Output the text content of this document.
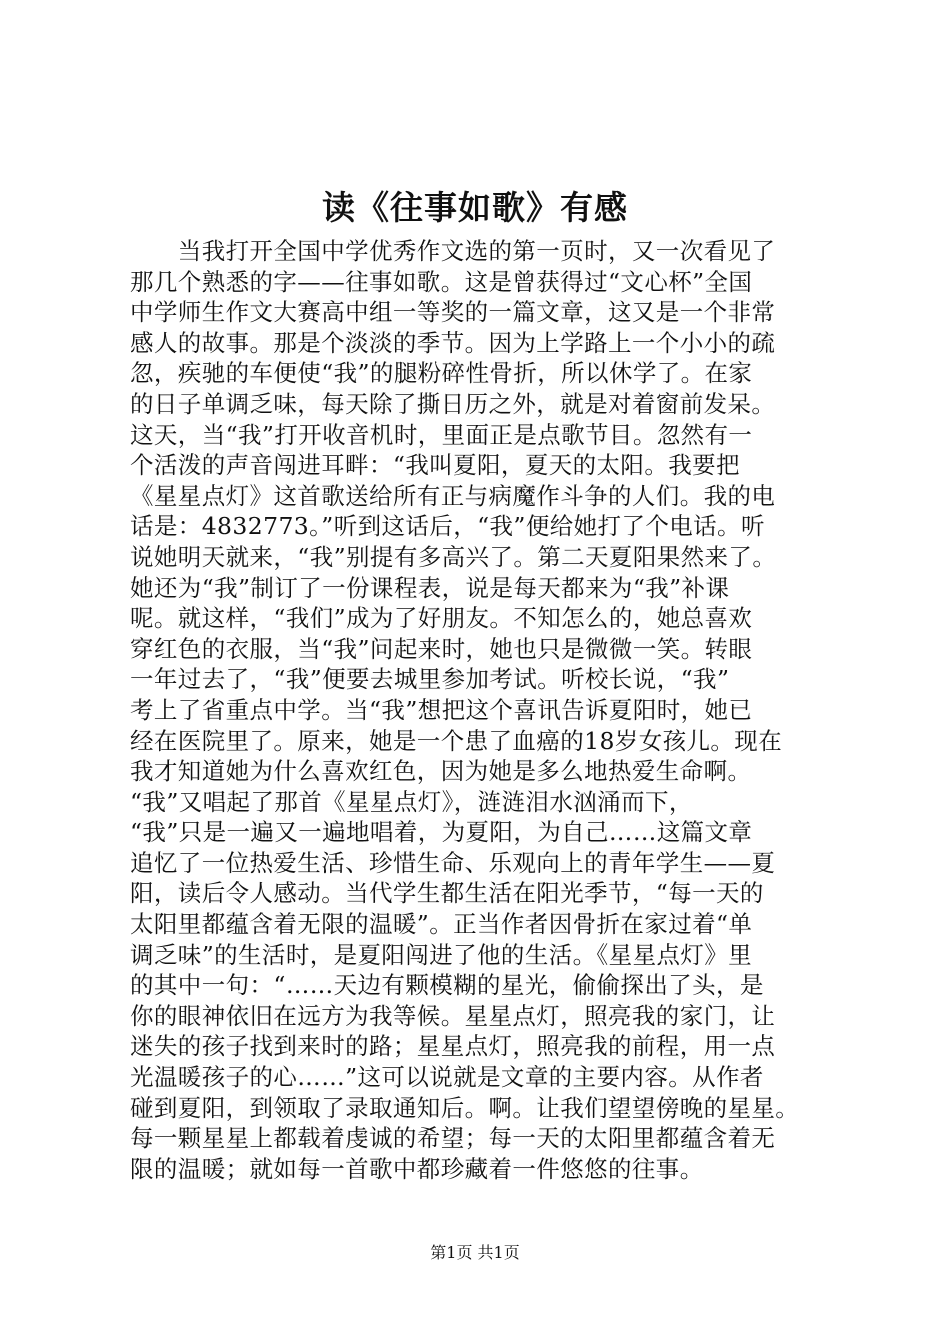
读《往事如歌》有感
　　当我打开全国中学优秀作文选的第一页时，又一次看见了
那几个熟悉的字——往事如歌。这是曾获得过“文心杯”全国
中学师生作文大赛高中组一等奖的一篇文章，这又是一个非常
感人的故事。那是个淡淡的季节。因为上学路上一个小小的疏
忽，疾驰的车便使“我”的腿粉碎性骨折，所以休学了。在家
的日子单调乏味，每天除了撕日历之外，就是对着窗前发呆。
这天，当“我”打开收音机时，里面正是点歌节目。忽然有一
个活泼的声音闯进耳畔：“我叫夏阳，夏天的太阳。我要把
《星星点灯》这首歌送给所有正与病魔作斗争的人们。我的电
话是：4832773。”听到这话后，“我”便给她打了个电话。听
说她明天就来，“我”别提有多高兴了。第二天夏阳果然来了。
她还为“我”制订了一份课程表，说是每天都来为“我”补课
呢。就这样，“我们”成为了好朋友。不知怎么的，她总喜欢
穿红色的衣服，当“我”问起来时，她也只是微微一笑。转眼
一年过去了，“我”便要去城里参加考试。听校长说，“我”
考上了省重点中学。当“我”想把这个喜讯告诉夏阳时，她已
经在医院里了。原来，她是一个患了血癌的18岁女孩儿。现在
我才知道她为什么喜欢红色，因为她是多么地热爱生命啊。
“我”又唱起了那首《星星点灯》，涟涟泪水汹涌而下，
“我”只是一遍又一遍地唱着，为夏阳，为自己……这篇文章
追忆了一位热爱生活、珍惜生命、乐观向上的青年学生——夏
阳，读后令人感动。当代学生都生活在阳光季节，“每一天的
太阳里都蕴含着无限的温暖”。正当作者因骨折在家过着“单
调乏味”的生活时，是夏阳闯进了他的生活。《星星点灯》里
的其中一句：“……天边有颗模糊的星光，偷偷探出了头，是
你的眼神依旧在远方为我等候。星星点灯，照亮我的家门，让
迷失的孩子找到来时的路；星星点灯，照亮我的前程，用一点
光温暖孩子的心……”这可以说就是文章的主要内容。从作者
碰到夏阳，到领取了录取通知后。啊。让我们望望傍晚的星星。
每一颗星星上都载着虔诚的希望；每一天的太阳里都蕴含着无
限的温暖；就如每一首歌中都珍藏着一件悠悠的往事。
第1页 共1页
